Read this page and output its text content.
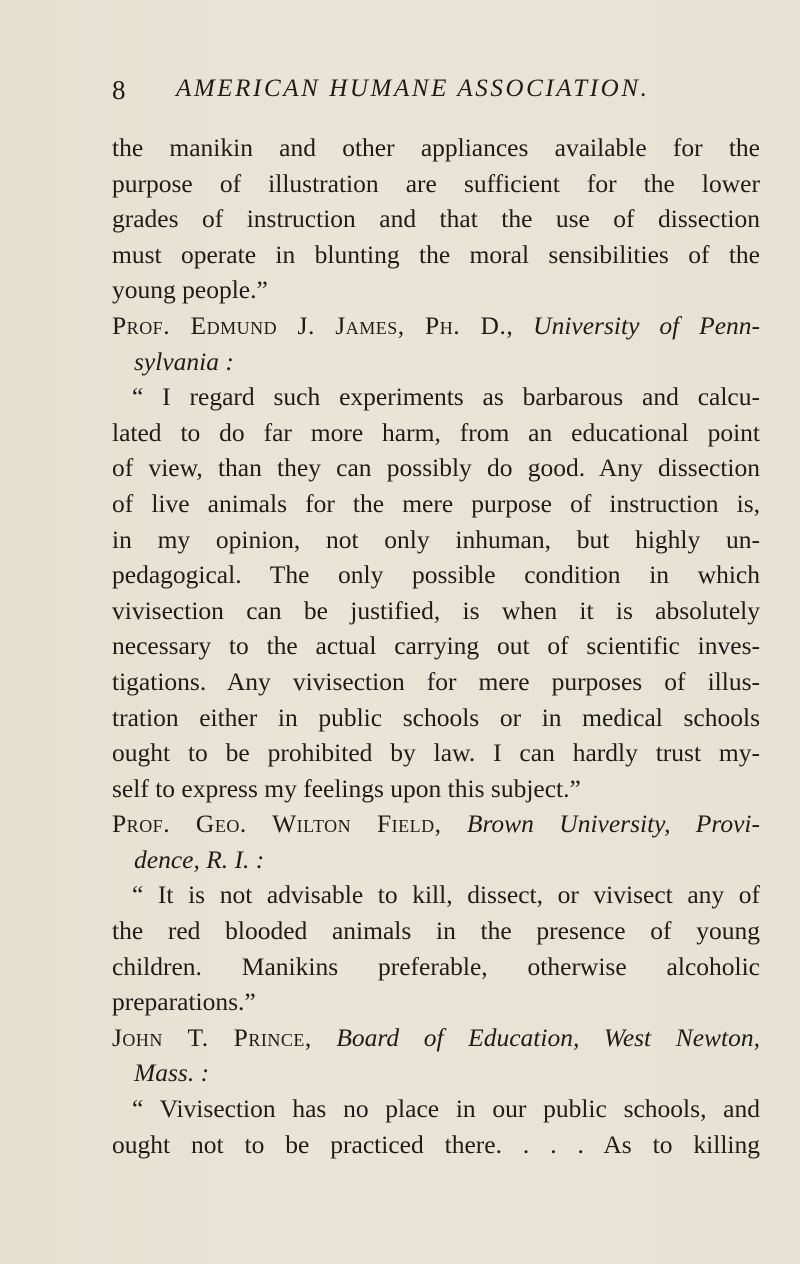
8 AMERICAN HUMANE ASSOCIATION.
the manikin and other appliances available for the
purpose of illustration are sufficient for the lower
grades of instruction and that the use of dissection
must operate in blunting the moral sensibilities of the
young people.”
Prof. Edmund J. James, Ph. D., University of Penn-
sylvania :
“ I regard such experiments as barbarous and calcu-
lated to do far more harm, from an educational point
of view, than they can possibly do good. Any dissection
of live animals for the mere purpose of instruction is,
in my opinion, not only inhuman, but highly un-
pedagogical. The only possible condition in which
vivisection can be justified, is when it is absolutely
necessary to the actual carrying out of scientific inves-
tigations. Any vivisection for mere purposes of illus-
tration either in public schools or in medical schools
ought to be prohibited by law. I can hardly trust my-
self to express my feelings upon this subject.”
Prof. Geo. Wilton Field, Brown University, Provi-
dence, R. I. :
“ It is not advisable to kill, dissect, or vivisect any of
the red blooded animals in the presence of young
children. Manikins preferable, otherwise alcoholic
preparations.”
John T. Prince, Board of Education, West Newton,
Mass. :
“ Vivisection has no place in our public schools, and
ought not to be practiced there. . . . As to killing
